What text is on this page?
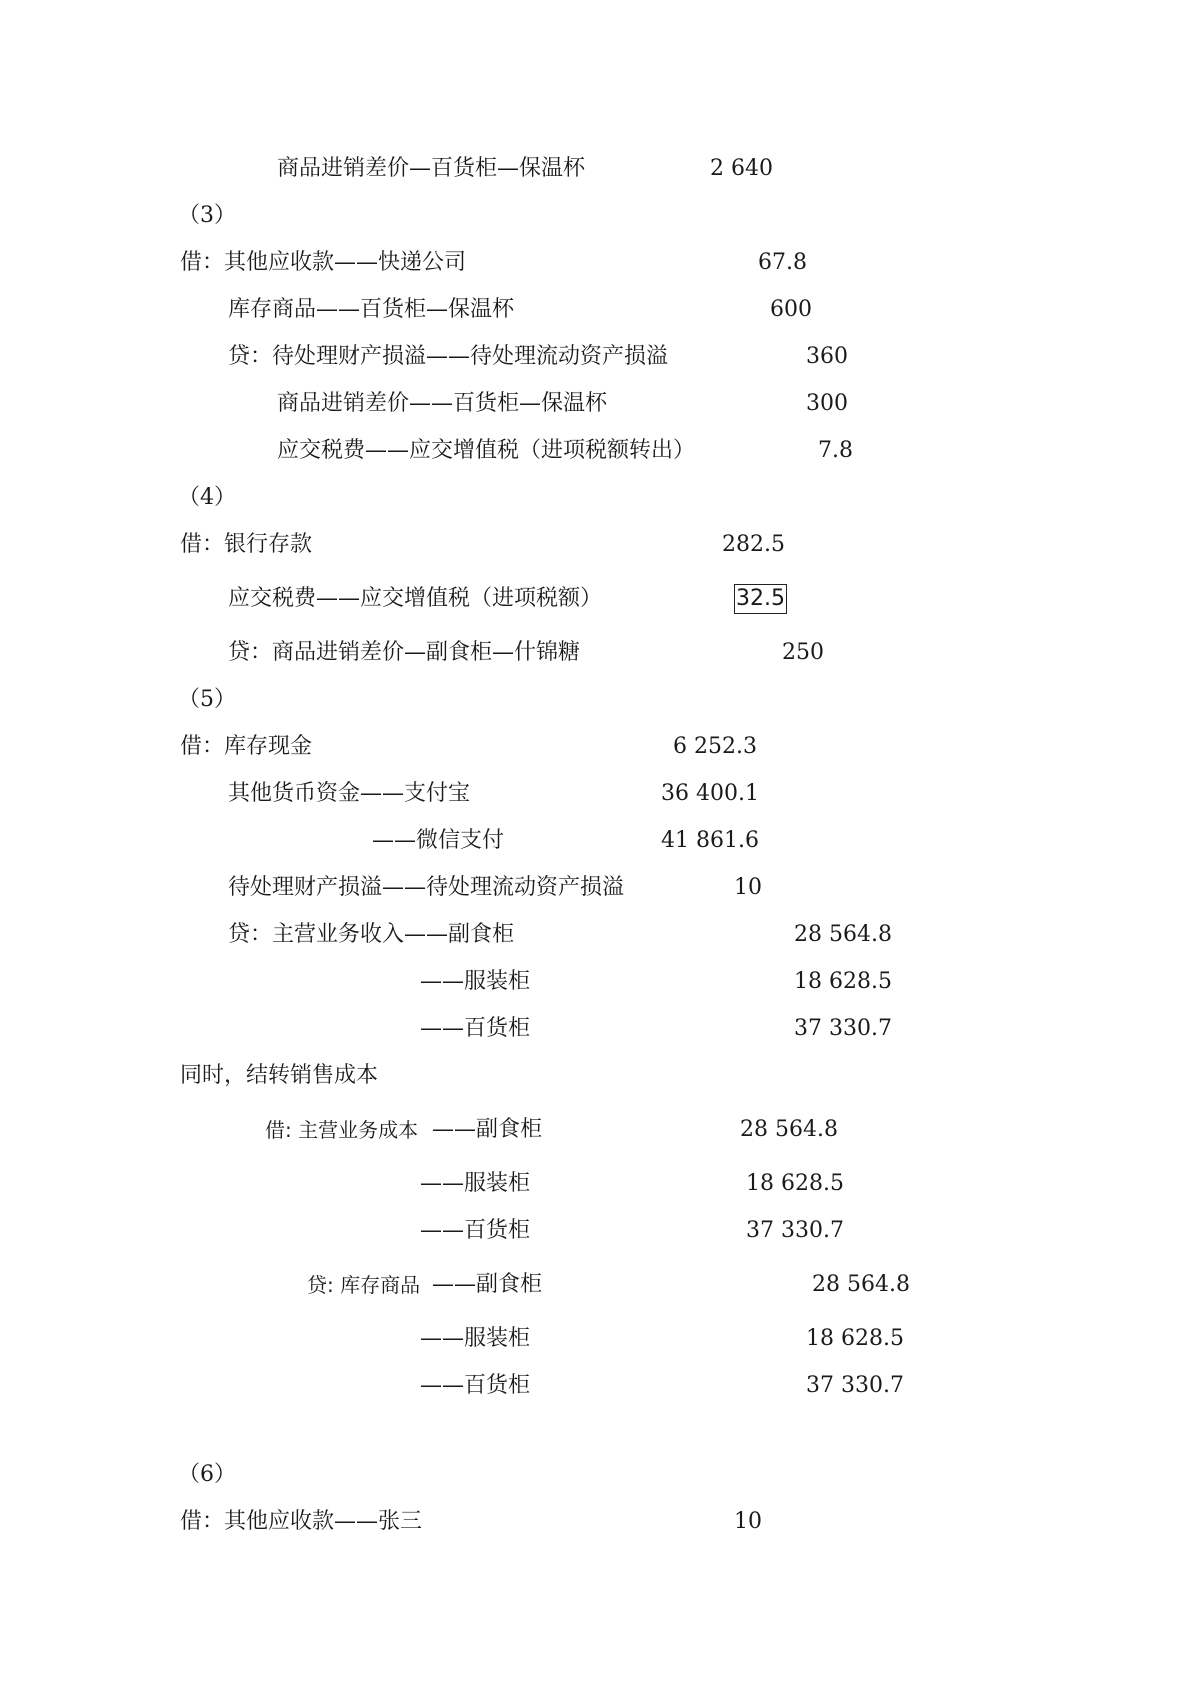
商品进销差价—百货柜—保温杯	2 640
（3）
借：其他应收款——快递公司	67.8
库存商品——百货柜—保温杯	600
贷：待处理财产损溢——待处理流动资产损溢	360
商品进销差价——百货柜—保温杯	300
应交税费——应交增值税（进项税额转出）	7.8
（4）
借：银行存款	282.5
应交税费——应交增值税（进项税额）	32.5
贷：商品进销差价—副食柜—什锦糖	250
（5）
借：库存现金	6 252.3
其他货币资金——支付宝	36 400.1
——微信支付	41 861.6
待处理财产损溢——待处理流动资产损溢	10
贷：主营业务收入——副食柜	28 564.8
——服装柜	18 628.5
——百货柜	37 330.7
同时，结转销售成本
借: 主营业务成本 ——副食柜	28 564.8
——服装柜	18 628.5
——百货柜	37 330.7
贷: 库存商品 ——副食柜	28 564.8
——服装柜	18 628.5
——百货柜	37 330.7
（6）
借：其他应收款——张三	10
